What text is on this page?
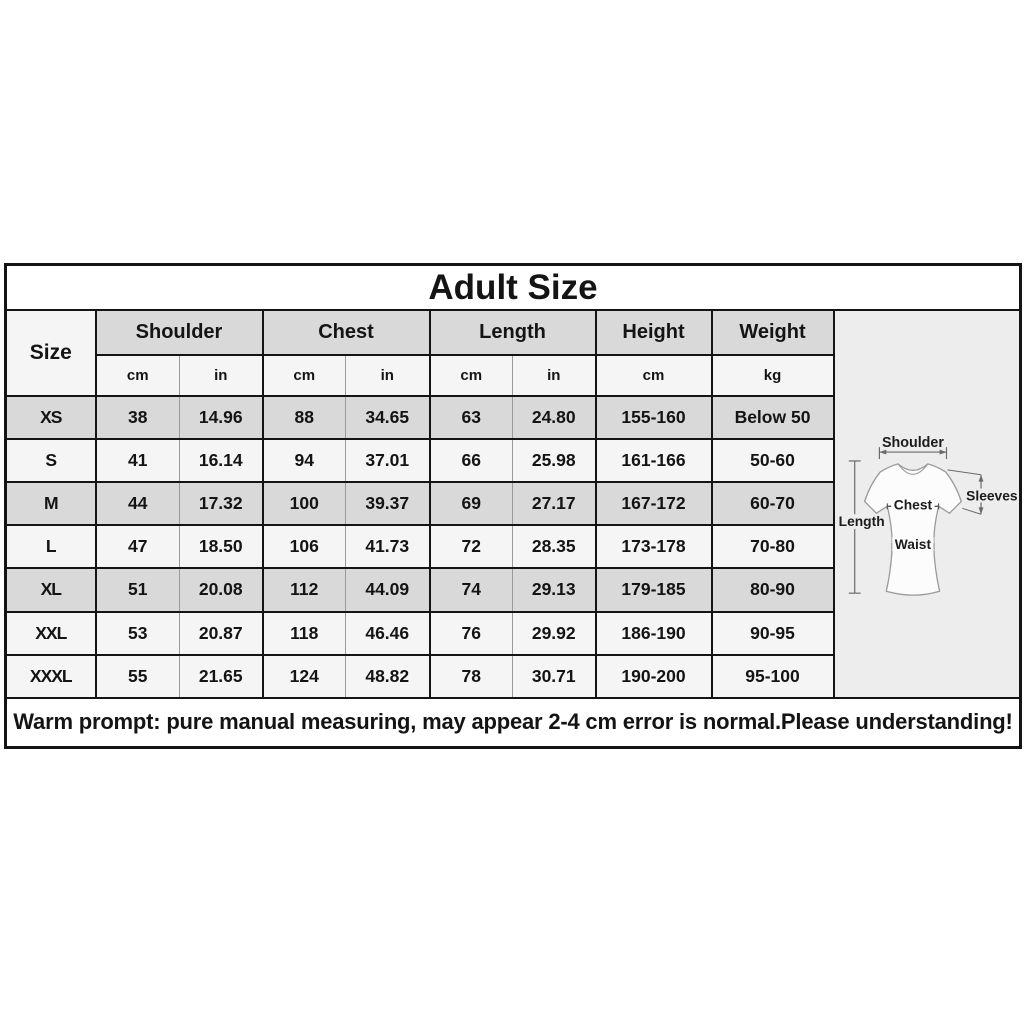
Adult Size									
Size	Shoulder		Chest		Length		Height	Weight	Shoulder
Length
Sleeves
Chest
Waist

	cm	in	cm	in	cm	in	cm	kg	
XS	38	14.96	88	34.65	63	24.80	155-160	Below 50	
S	41	16.14	94	37.01	66	25.98	161-166	50-60	
M	44	17.32	100	39.37	69	27.17	167-172	60-70	
L	47	18.50	106	41.73	72	28.35	173-178	70-80	
XL	51	20.08	112	44.09	74	29.13	179-185	80-90	
XXL	53	20.87	118	46.46	76	29.92	186-190	90-95	
XXXL	55	21.65	124	48.82	78	30.71	190-200	95-100	
Warm prompt: pure manual measuring, may appear 2-4 cm error is normal.Please understanding!									
